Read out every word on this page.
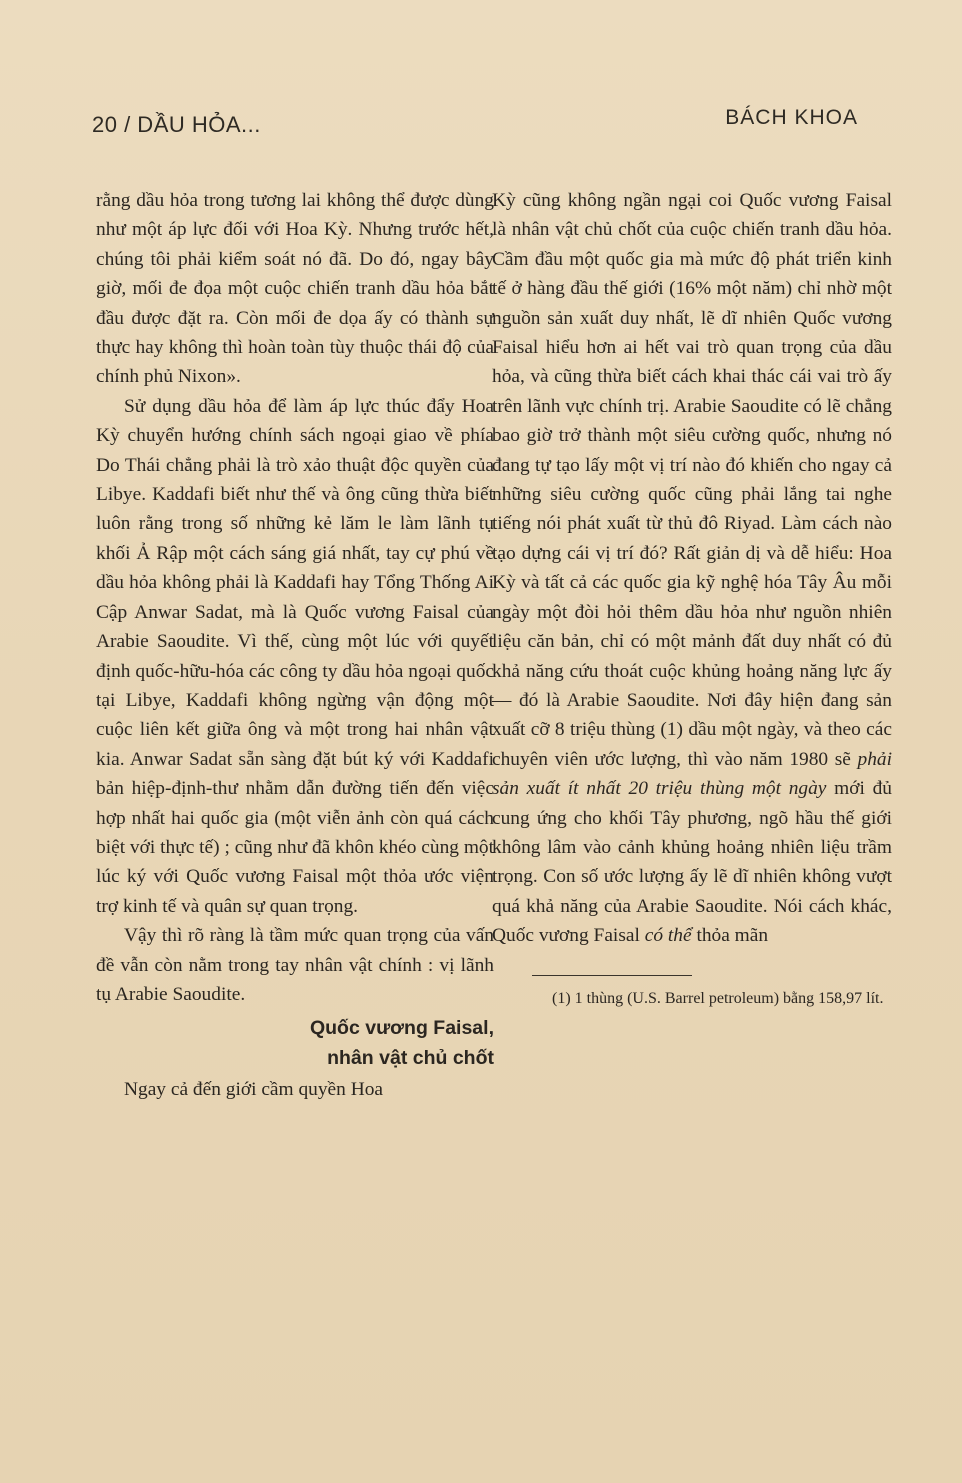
20 / DẦU HỎA...	BÁCH KHOA

rằng dầu hỏa trong tương lai không thể được dùng như một áp lực đối với Hoa Kỳ. Nhưng trước hết, chúng tôi phải kiểm soát nó đã. Do đó, ngay bây giờ, mối đe đọa một cuộc chiến tranh dầu hỏa bắt đầu được đặt ra. Còn mối đe dọa ấy có thành sự thực hay không thì hoàn toàn tùy thuộc thái độ của chính phủ Nixon».

Sử dụng dầu hỏa để làm áp lực thúc đẩy Hoa Kỳ chuyển hướng chính sách ngoại giao về phía Do Thái chẳng phải là trò xảo thuật độc quyền của Libye. Kaddafi biết như thế và ông cũng thừa biết luôn rằng trong số những kẻ lăm le làm lãnh tụ khối Ả Rập một cách sáng giá nhất, tay cự phú về dầu hỏa không phải là Kaddafi hay Tổng Thống Ai Cập Anwar Sadat, mà là Quốc vương Faisal của Arabie Saoudite. Vì thế, cùng một lúc với quyết định quốc-hữu-hóa các công ty dầu hỏa ngoại quốc tại Libye, Kaddafi không ngừng vận động một cuộc liên kết giữa ông và một trong hai nhân vật kia. Anwar Sadat sẵn sàng đặt bút ký với Kaddafi bản hiệp-định-thư nhằm dẫn đường tiến đến việc hợp nhất hai quốc gia (một viễn ảnh còn quá cách biệt với thực tế) ; cũng như đã khôn khéo cùng một lúc ký với Quốc vương Faisal một thỏa ước viện trợ kinh tế và quân sự quan trọng.

Vậy thì rõ ràng là tầm mức quan trọng của vấn đề vẫn còn nằm trong tay nhân vật chính : vị lãnh tụ Arabie Saoudite.

Quốc vương Faisal,
nhân vật chủ chốt

Ngay cả đến giới cầm quyền Hoa

Kỳ cũng không ngần ngại coi Quốc vương Faisal là nhân vật chủ chốt của cuộc chiến tranh dầu hỏa. Cầm đầu một quốc gia mà mức độ phát triển kinh tế ở hàng đầu thế giới (16% một năm) chỉ nhờ một nguồn sản xuất duy nhất, lẽ dĩ nhiên Quốc vương Faisal hiểu hơn ai hết vai trò quan trọng của dầu hỏa, và cũng thừa biết cách khai thác cái vai trò ấy trên lãnh vực chính trị. Arabie Saoudite có lẽ chẳng bao giờ trở thành một siêu cường quốc, nhưng nó đang tự tạo lấy một vị trí nào đó khiến cho ngay cả những siêu cường quốc cũng phải lắng tai nghe tiếng nói phát xuất từ thủ đô Riyad. Làm cách nào tạo dựng cái vị trí đó? Rất giản dị và dễ hiểu: Hoa Kỳ và tất cả các quốc gia kỹ nghệ hóa Tây Âu mỗi ngày một đòi hỏi thêm dầu hỏa như nguồn nhiên liệu căn bản, chỉ có một mảnh đất duy nhất có đủ khả năng cứu thoát cuộc khủng hoảng năng lực ấy — đó là Arabie Saoudite. Nơi đây hiện đang sản xuất cỡ 8 triệu thùng (1) dầu một ngày, và theo các chuyên viên ước lượng, thì vào năm 1980 sẽ phải sản xuất ít nhất 20 triệu thùng một ngày mới đủ cung ứng cho khối Tây phương, ngõ hầu thế giới không lâm vào cảnh khủng hoảng nhiên liệu trầm trọng. Con số ước lượng ấy lẽ dĩ nhiên không vượt quá khả năng của Arabie Saoudite. Nói cách khác, Quốc vương Faisal có thể thỏa mãn

(1) 1 thùng (U.S. Barrel petroleum) bằng 158,97 lít.
